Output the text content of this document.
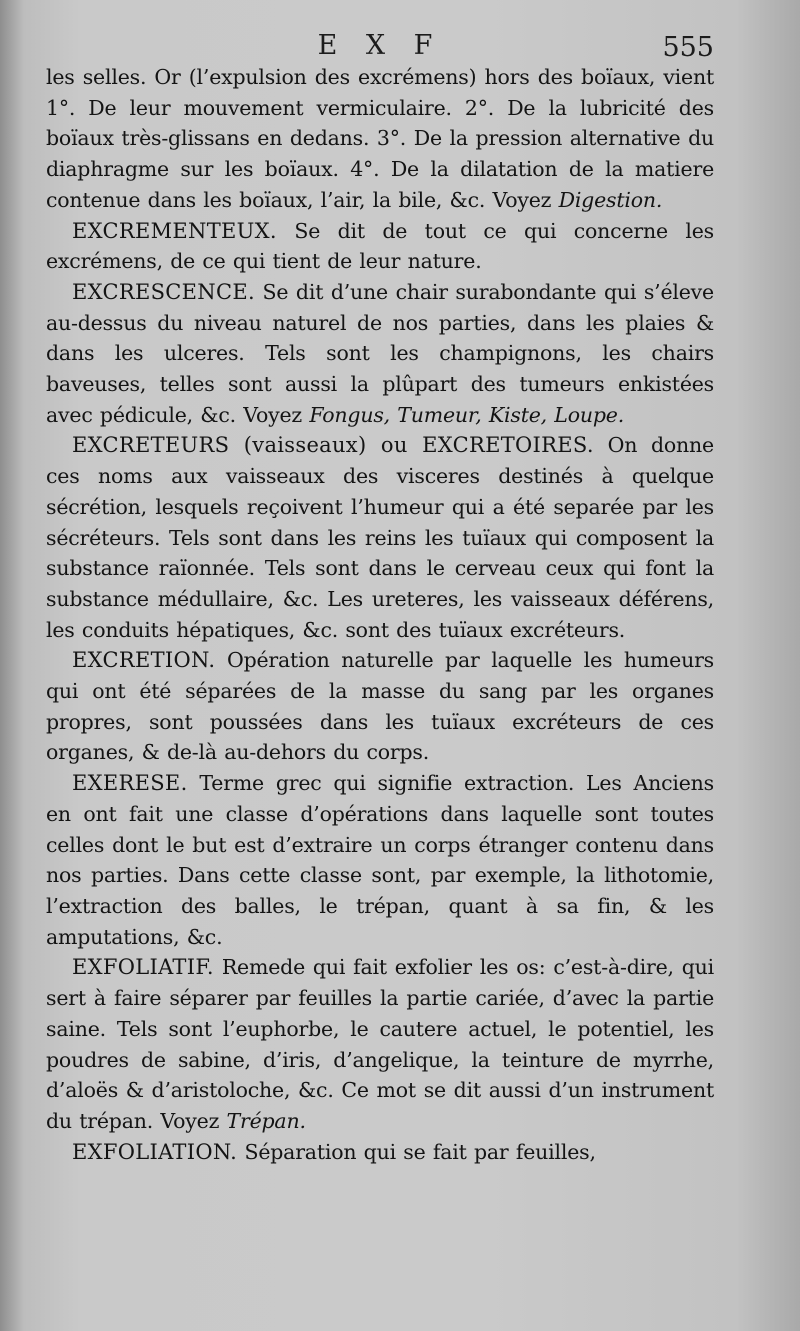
E X F	555

les selles. Or (l’expulsion des excrémens) hors des boïaux, vient 1°. De leur mouvement vermiculaire. 2°. De la lubricité des boïaux très-glissans en dedans. 3°. De la pression alternative du diaphragme sur les boïaux. 4°. De la dilatation de la matiere contenue dans les boïaux, l’air, la bile, &c. Voyez Digestion.

EXCREMENTEUX. Se dit de tout ce qui concerne les excrémens, de ce qui tient de leur nature.

EXCRESCENCE. Se dit d’une chair surabondante qui s’éleve au-dessus du niveau naturel de nos parties, dans les plaies & dans les ulceres. Tels sont les champignons, les chairs baveuses, telles sont aussi la plûpart des tumeurs enkistées avec pédicule, &c. Voyez Fongus, Tumeur, Kiste, Loupe.

EXCRETEURS (vaisseaux) ou EXCRETOIRES. On donne ces noms aux vaisseaux des visceres destinés à quelque sécrétion, lesquels reçoivent l’humeur qui a été separée par les sécréteurs. Tels sont dans les reins les tuïaux qui composent la substance raïonnée. Tels sont dans le cerveau ceux qui font la substance médullaire, &c. Les ureteres, les vaisseaux déférens, les conduits hépatiques, &c. sont des tuïaux excréteurs.

EXCRETION. Opération naturelle par laquelle les humeurs qui ont été séparées de la masse du sang par les organes propres, sont poussées dans les tuïaux excréteurs de ces organes, & de-là au-dehors du corps.

EXERESE. Terme grec qui signifie extraction. Les Anciens en ont fait une classe d’opérations dans laquelle sont toutes celles dont le but est d’extraire un corps étranger contenu dans nos parties. Dans cette classe sont, par exemple, la lithotomie, l’extraction des balles, le trépan, quant à sa fin, & les amputations, &c.

EXFOLIATIF. Remede qui fait exfolier les os: c’est-à-dire, qui sert à faire séparer par feuilles la partie cariée, d’avec la partie saine. Tels sont l’euphorbe, le cautere actuel, le potentiel, les poudres de sabine, d’iris, d’angelique, la teinture de myrrhe, d’aloës & d’aristoloche, &c. Ce mot se dit aussi d’un instrument du trépan. Voyez Trépan.

EXFOLIATION. Séparation qui se fait par feuilles,
